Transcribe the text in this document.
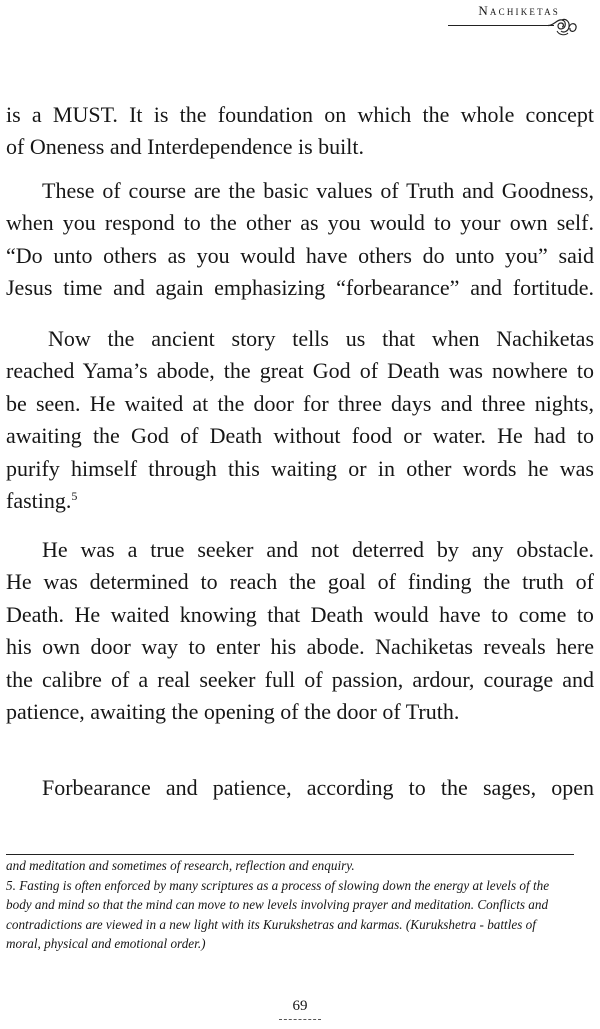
Nachiketas

is a MUST. It is the foundation on which the whole concept
of Oneness and Interdependence is built.

These of course are the basic values of Truth and Goodness,
when you respond to the other as you would to your own self.
“Do unto others as you would have others do unto you” said
Jesus time and again emphasizing “forbearance” and fortitude.

Now the ancient story tells us that when Nachiketas
reached Yama’s abode, the great God of Death was nowhere to
be seen. He waited at the door for three days and three nights,
awaiting the God of Death without food or water. He had to
purify himself through this waiting or in other words he was
fasting.$^5$

He was a true seeker and not deterred by any obstacle.
He was determined to reach the goal of finding the truth of
Death. He waited knowing that Death would have to come to
his own door way to enter his abode. Nachiketas reveals here
the calibre of a real seeker full of passion, ardour, courage and
patience, awaiting the opening of the door of Truth.

Forbearance and patience, according to the sages, open

and meditation and sometimes of research, reflection and enquiry.
5. Fasting is often enforced by many scriptures as a process of slowing down the energy at levels of the
body and mind so that the mind can move to new levels involving prayer and meditation. Conflicts and
contradictions are viewed in a new light with its Kurukshetras and karmas. (Kurukshetra - battles of
moral, physical and emotional order.)
69
